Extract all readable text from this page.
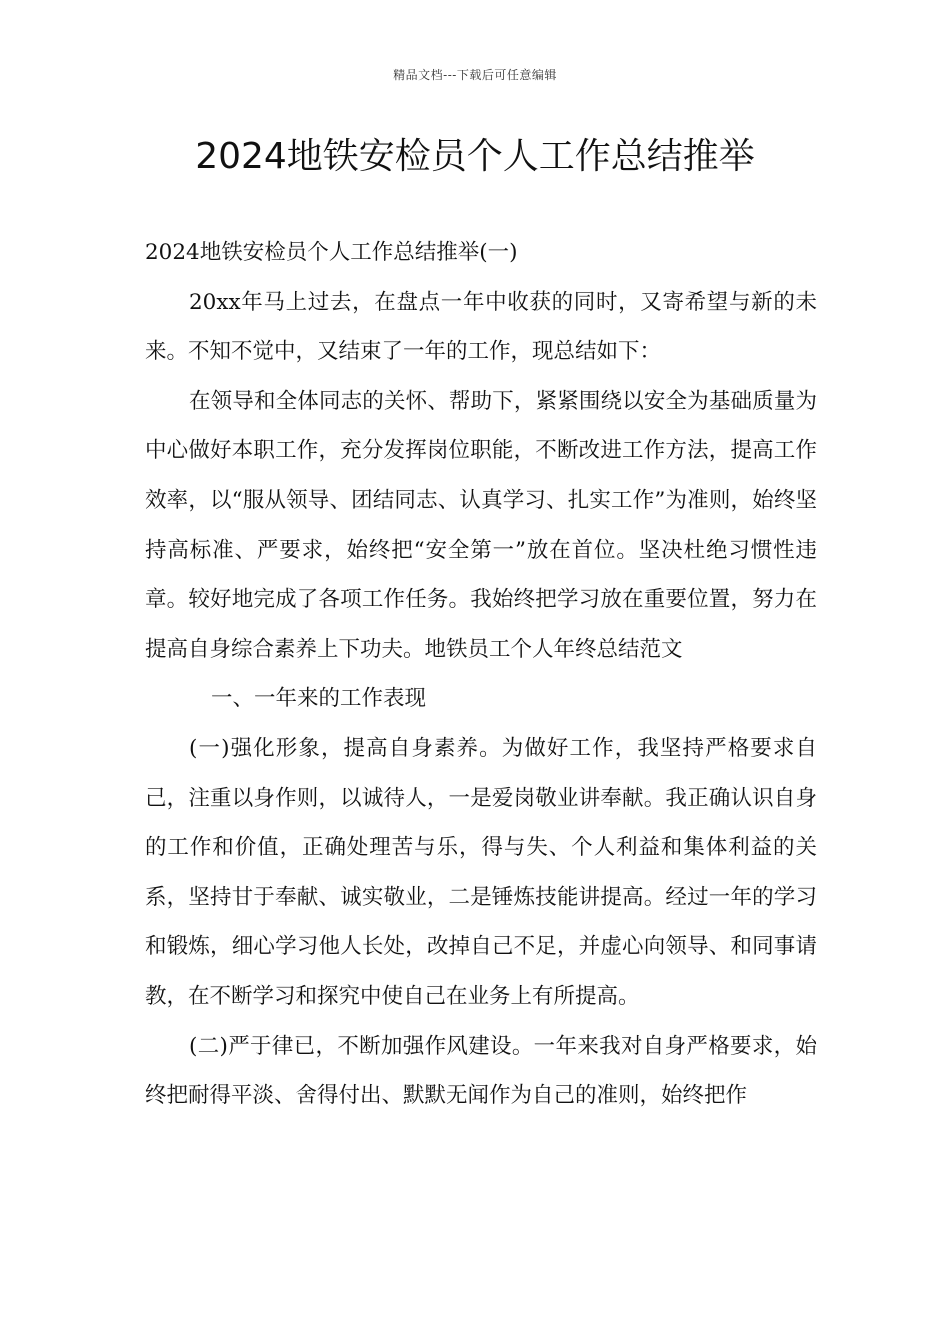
精品文档---下载后可任意编辑
2024地铁安检员个人工作总结推举

2024地铁安检员个人工作总结推举(一)

20xx年马上过去，在盘点一年中收获的同时，又寄希望与新的未来。不知不觉中，又结束了一年的工作，现总结如下：

在领导和全体同志的关怀、帮助下，紧紧围绕以安全为基础质量为中心做好本职工作，充分发挥岗位职能，不断改进工作方法，提高工作效率，以“服从领导、团结同志、认真学习、扎实工作”为准则，始终坚持高标准、严要求，始终把“安全第一”放在首位。坚决杜绝习惯性违章。较好地完成了各项工作任务。我始终把学习放在重要位置，努力在提高自身综合素养上下功夫。地铁员工个人年终总结范文

一、一年来的工作表现

(一)强化形象，提高自身素养。为做好工作，我坚持严格要求自己，注重以身作则，以诚待人，一是爱岗敬业讲奉献。我正确认识自身的工作和价值，正确处理苦与乐，得与失、个人利益和集体利益的关系，坚持甘于奉献、诚实敬业，二是锤炼技能讲提高。经过一年的学习和锻炼，细心学习他人长处，改掉自己不足，并虚心向领导、和同事请教，在不断学习和探究中使自己在业务上有所提高。

(二)严于律已，不断加强作风建设。一年来我对自身严格要求，始终把耐得平淡、舍得付出、默默无闻作为自己的准则，始终把作
